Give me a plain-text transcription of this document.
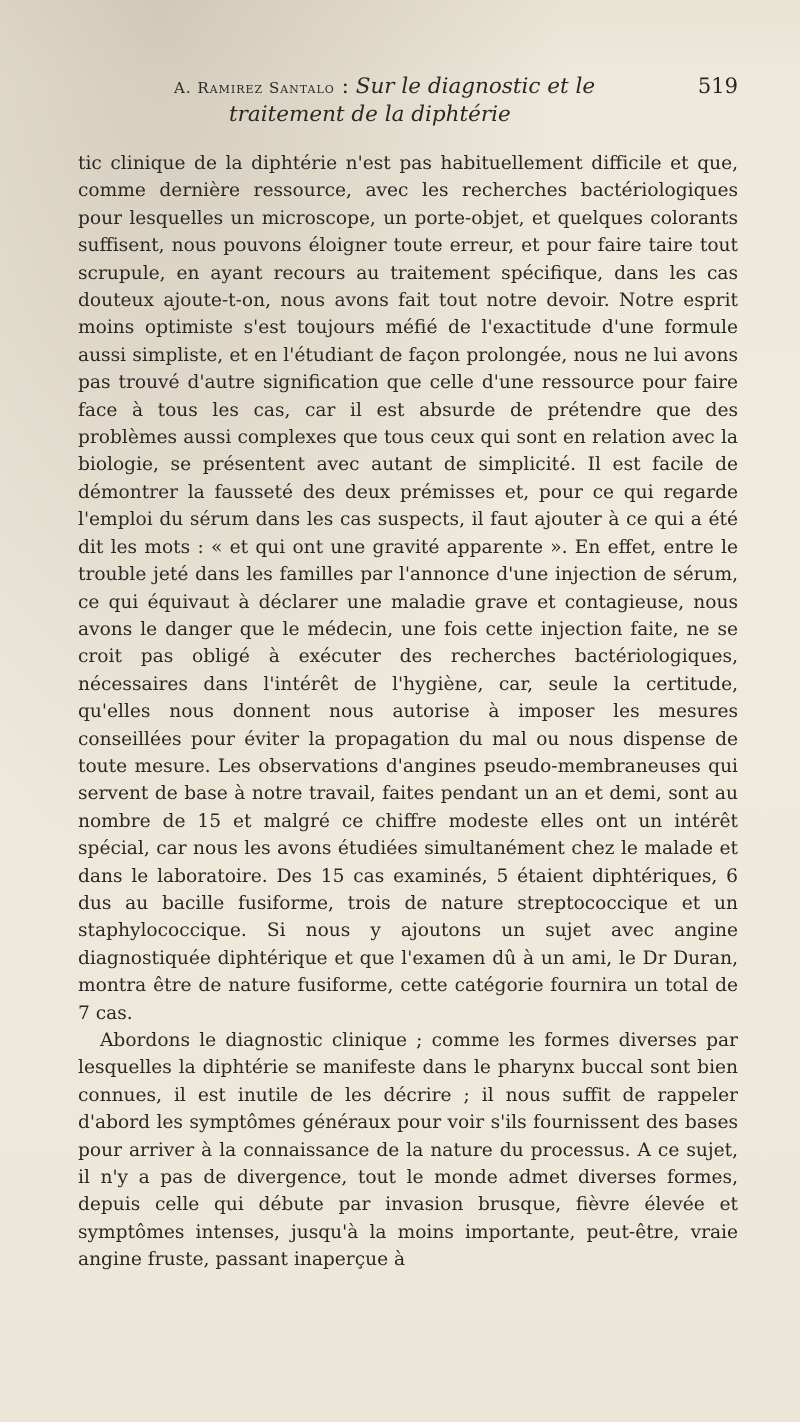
A. Ramirez Santalo : Sur le diagnostic et le	519
traitement de la diphtérie

tic clinique de la diphtérie n'est pas habituellement difficile et que, comme dernière ressource, avec les recherches bactériologiques pour lesquelles un microscope, un porte-objet, et quelques colorants suffisent, nous pouvons éloigner toute erreur, et pour faire taire tout scrupule, en ayant recours au traitement spécifique, dans les cas douteux ajoute-t-on, nous avons fait tout notre devoir. Notre esprit moins optimiste s'est toujours méfié de l'exactitude d'une formule aussi simpliste, et en l'étudiant de façon prolongée, nous ne lui avons pas trouvé d'autre signification que celle d'une ressource pour faire face à tous les cas, car il est absurde de prétendre que des problèmes aussi complexes que tous ceux qui sont en relation avec la biologie, se présentent avec autant de simplicité. Il est facile de démontrer la fausseté des deux prémisses et, pour ce qui regarde l'emploi du sérum dans les cas suspects, il faut ajouter à ce qui a été dit les mots : « et qui ont une gravité apparente ». En effet, entre le trouble jeté dans les familles par l'annonce d'une injection de sérum, ce qui équivaut à déclarer une maladie grave et contagieuse, nous avons le danger que le médecin, une fois cette injection faite, ne se croit pas obligé à exécuter des recherches bactériologiques, nécessaires dans l'intérêt de l'hygiène, car, seule la certitude, qu'elles nous donnent nous autorise à imposer les mesures conseillées pour éviter la propagation du mal ou nous dispense de toute mesure. Les observations d'angines pseudo-membraneuses qui servent de base à notre travail, faites pendant un an et demi, sont au nombre de 15 et malgré ce chiffre modeste elles ont un intérêt spécial, car nous les avons étudiées simultanément chez le malade et dans le laboratoire. Des 15 cas examinés, 5 étaient diphtériques, 6 dus au bacille fusiforme, trois de nature streptococcique et un staphylococcique. Si nous y ajoutons un sujet avec angine diagnostiquée diphtérique et que l'examen dû à un ami, le Dr Duran, montra être de nature fusiforme, cette catégorie fournira un total de 7 cas.

Abordons le diagnostic clinique ; comme les formes diverses par lesquelles la diphtérie se manifeste dans le pharynx buccal sont bien connues, il est inutile de les décrire ; il nous suffit de rappeler d'abord les symptômes généraux pour voir s'ils fournissent des bases pour arriver à la connaissance de la nature du processus. A ce sujet, il n'y a pas de divergence, tout le monde admet diverses formes, depuis celle qui débute par invasion brusque, fièvre élevée et symptômes intenses, jusqu'à la moins importante, peut-être, vraie angine fruste, passant inaperçue à
